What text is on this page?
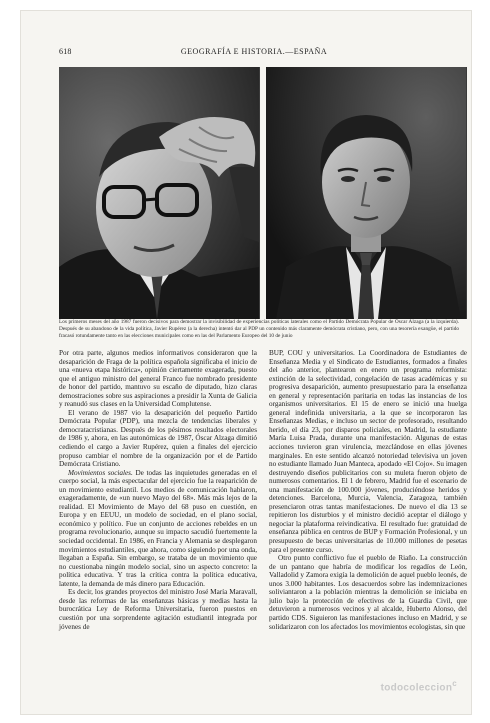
618	GEOGRAFÍA E HISTORIA.—ESPAÑA
Los primeros meses del año 1987 fueron decisivos para demostrar la invisibilidad de experiencias políticas laterales como el Partido Demócrata Popular de Óscar Alzaga (a la izquierda). Después de su abandono de la vida política, Javier Rupérez (a la derecha) intentó dar al PDP un contenido más claramente demócrata cristiano, pero, con una tesorería exangüe, el partido fracasó rotundamente tanto en las elecciones municipales como en las del Parlamento Europeo del 10 de junio

Por otra parte, algunos medios informativos consideraron que la desaparición de Fraga de la política española significaba el inicio de una «nueva etapa histórica», opinión ciertamente exagerada, puesto que el antiguo ministro del general Franco fue nombrado presidente de honor del partido, mantuvo su escaño de diputado, hizo claras demostraciones sobre sus aspiraciones a presidir la Xunta de Galicia y reanudó sus clases en la Universidad Complutense.

El verano de 1987 vio la desaparición del pequeño Partido Demócrata Popular (PDP), una mezcla de tendencias liberales y democratacristianas. Después de los pésimos resultados electorales de 1986 y, ahora, en las autonómicas de 1987, Óscar Alzaga dimitió cediendo el cargo a Javier Rupérez, quien a finales del ejercicio propuso cambiar el nombre de la organización por el de Partido Demócrata Cristiano.

Movimientos sociales. De todas las inquietudes generadas en el cuerpo social, la más espectacular del ejercicio fue la reaparición de un movimiento estudiantil. Los medios de comunicación hablaron, exageradamente, de «un nuevo Mayo del 68». Más más lejos de la realidad. El Movimiento de Mayo del 68 puso en cuestión, en Europa y en EEUU, un modelo de sociedad, en el plano social, económico y político. Fue un conjunto de acciones rebeldes en un programa revolucionario, aunque su impacto sacudió fuertemente la sociedad occidental. En 1986, en Francia y Alemania se desplegaron movimientos estudiantiles, que ahora, como siguiendo por una onda, llegaban a España. Sin embargo, se trataba de un movimiento que no cuestionaba ningún modelo social, sino un aspecto concreto: la política educativa. Y tras la crítica contra la política educativa, latente, la demanda de más dinero para Educación.

Es decir, los grandes proyectos del ministro José María Maravall, desde las reformas de las enseñanzas básicas y medias hasta la burocrática Ley de Reforma Universitaria, fueron puestos en cuestión por una sorprendente agitación estudiantil integrada por jóvenes de

BUP, COU y universitarios. La Coordinadora de Estudiantes de Enseñanza Media y el Sindicato de Estudiantes, formados a finales del año anterior, plantearon en enero un programa reformista: extinción de la selectividad, congelación de tasas académicas y su progresiva desaparición, aumento presupuestario para la enseñanza en general y representación paritaria en todas las instancias de los organismos universitarios. El 15 de enero se inició una huelga general indefinida universitaria, a la que se incorporaron las Enseñanzas Medias, e incluso un sector de profesorado, resultando herido, el día 23, por disparos policiales, en Madrid, la estudiante María Luisa Prada, durante una manifestación. Algunas de estas acciones tuvieron gran virulencia, mezclándose en ellas jóvenes marginales. En este sentido alcanzó notoriedad televisiva un joven no estudiante llamado Juan Manteca, apodado «El Cojo». Su imagen destruyendo diseños publicitarios con su muleta fueron objeto de numerosos comentarios. El 1 de febrero, Madrid fue el escenario de una manifestación de 100.000 jóvenes, produciéndose heridos y detenciones. Barcelona, Murcia, Valencia, Zaragoza, también presenciaron otras tantas manifestaciones. De nuevo el día 13 se repitieron los disturbios y el ministro decidió aceptar el diálogo y negociar la plataforma reivindicativa. El resultado fue: gratuidad de enseñanza pública en centros de BUP y Formación Profesional, y un presupuesto de becas universitarias de 10.000 millones de pesetas para el presente curso.

Otro punto conflictivo fue el pueblo de Riaño. La construcción de un pantano que habría de modificar los regadíos de León, Valladolid y Zamora exigía la demolición de aquel pueblo leonés, de unos 3.000 habitantes. Los desacuerdos sobre las indemnizaciones soliviantaron a la población mientras la demolición se iniciaba en julio bajo la protección de efectivos de la Guardia Civil, que detuvieron a numerosos vecinos y al alcalde, Huberto Alonso, del partido CDS. Siguieron las manifestaciones incluso en Madrid, y se solidarizaron con los afectados los movimientos ecologistas, sin que

todocoleccion$^c$
